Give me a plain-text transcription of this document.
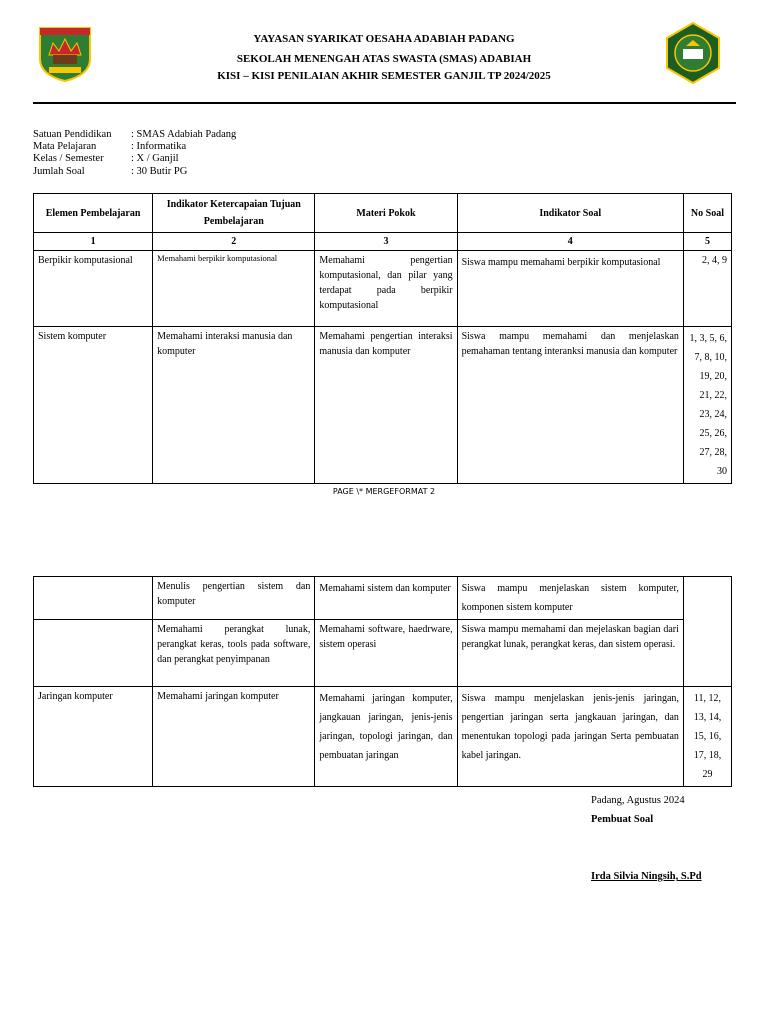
YAYASAN SYARIKAT OESAHA ADABIAH PADANG
SEKOLAH MENENGAH ATAS SWASTA (SMAS) ADABIAH
KISI – KISI PENILAIAN AKHIR SEMESTER GANJIL TP 2024/2025
Satuan Pendidikan : SMAS Adabiah Padang
Mata Pelajaran	: Informatika
Kelas / Semester	: X / Ganjil
Jumlah Soal	: 30 Butir PG
Elemen Pembelajaran	Indikator Ketercapaian Tujuan Pembelajaran	Materi Pokok	Indikator Soal	No Soal
1	2	3	4	5
Berpikir komputasional	Memahami berpikir komputasional	Memahami pengertian komputasional, dan pilar yang terdapat pada berpikir komputasional	Siswa mampu memahami berpikir komputasional	2, 4, 9
Sistem komputer	Memahami interaksi manusia dan komputer	Memahami pengertian interaksi manusia dan komputer	Siswa mampu memahami dan menjelaskan pemahaman tentang interanksi manusia dan komputer	1, 3, 5, 6, 7, 8, 10, 19, 20, 21, 22, 23, 24, 25, 26, 27, 28, 30
PAGE \* MERGEFORMAT 2
	Menulis pengertian sistem dan komputer	Memahami sistem dan komputer	Siswa mampu menjelaskan sistem komputer, komponen sistem komputer	
	Memahami perangkat lunak, perangkat keras, tools pada software, dan perangkat penyimpanan	Memahami software, haedrware, sistem operasi	Siswa mampu memahami dan mejelaskan bagian dari perangkat lunak, perangkat keras, dan sistem operasi.	
Jaringan komputer	Memahami jaringan komputer	Memahami jaringan komputer, jangkauan jaringan, jenis-jenis jaringan, topologi jaringan, dan pembuatan jaringan	Siswa mampu menjelaskan jenis-jenis jaringan, pengertian jaringan serta jangkauan jaringan, dan menentukan topologi pada jaringan Serta pembuatan kabel jaringan.	11, 12, 13, 14, 15, 16, 17, 18, 29
Padang, Agustus 2024
Pembuat Soal
Irda Silvia Ningsih, S.Pd
